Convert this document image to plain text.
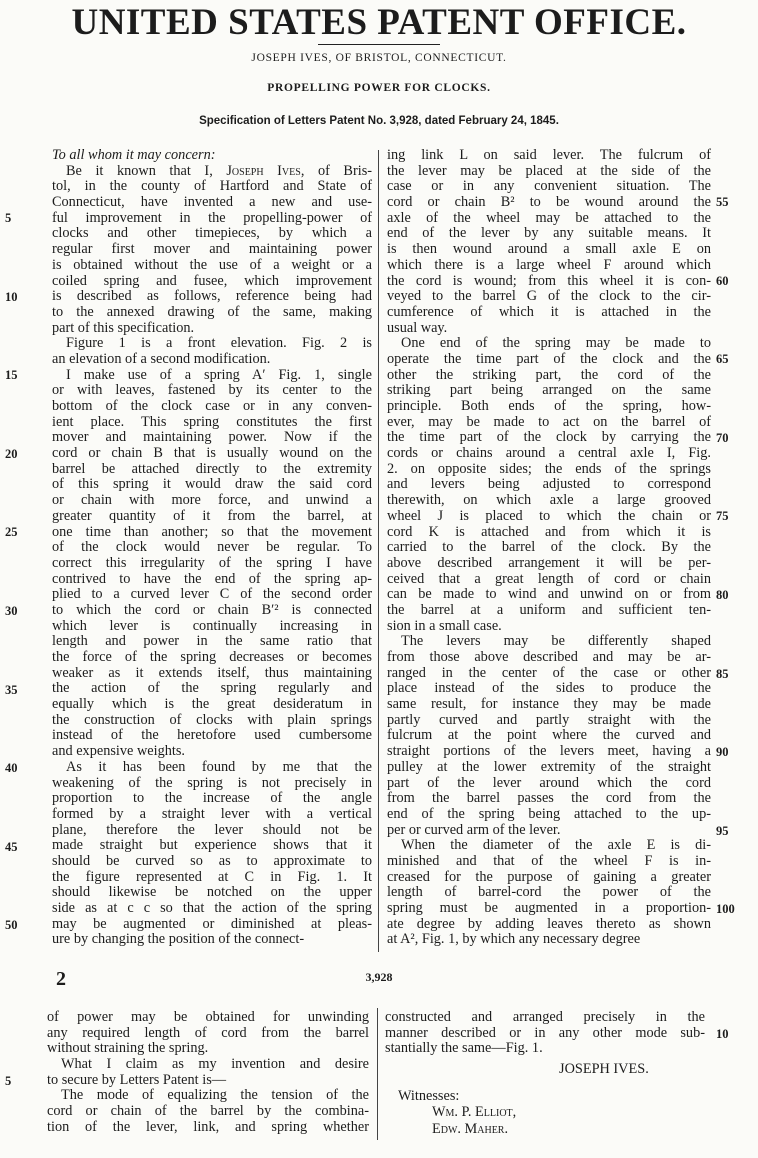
UNITED STATES PATENT OFFICE.
JOSEPH IVES, OF BRISTOL, CONNECTICUT.
PROPELLING POWER FOR CLOCKS.
Specification of Letters Patent No. 3,928, dated February 24, 1845.
To all whom it may concern:
Be it known that I, Joseph Ives, of Bris-
tol, in the county of Hartford and State of
Connecticut, have invented a new and use-
ful improvement in the propelling-power of
clocks and other timepieces, by which a
regular first mover and maintaining power
is obtained without the use of a weight or a
coiled spring and fusee, which improvement
is described as follows, reference being had
to the annexed drawing of the same, making
part of this specification.
Figure 1 is a front elevation. Fig. 2 is
an elevation of a second modification.
I make use of a spring A′ Fig. 1, single
or with leaves, fastened by its center to the
bottom of the clock case or in any conven-
ient place. This spring constitutes the first
mover and maintaining power. Now if the
cord or chain B that is usually wound on the
barrel be attached directly to the extremity
of this spring it would draw the said cord
or chain with more force, and unwind a
greater quantity of it from the barrel, at
one time than another; so that the movement
of the clock would never be regular. To
correct this irregularity of the spring I have
contrived to have the end of the spring ap-
plied to a curved lever C of the second order
to which the cord or chain B′² is connected
which lever is continually increasing in
length and power in the same ratio that
the force of the spring decreases or becomes
weaker as it extends itself, thus maintaining
the action of the spring regularly and
equally which is the great desideratum in
the construction of clocks with plain springs
instead of the heretofore used cumbersome
and expensive weights.
As it has been found by me that the
weakening of the spring is not precisely in
proportion to the increase of the angle
formed by a straight lever with a vertical
plane, therefore the lever should not be
made straight but experience shows that it
should be curved so as to approximate to
the figure represented at C in Fig. 1. It
should likewise be notched on the upper
side as at c c so that the action of the spring
may be augmented or diminished at pleas-
ure by changing the position of the connect-
ing link L on said lever. The fulcrum of
the lever may be placed at the side of the
case or in any convenient situation. The
cord or chain B² to be wound around the
axle of the wheel may be attached to the
end of the lever by any suitable means. It
is then wound around a small axle E on
which there is a large wheel F around which
the cord is wound; from this wheel it is con-
veyed to the barrel G of the clock to the cir-
cumference of which it is attached in the
usual way.
One end of the spring may be made to
operate the time part of the clock and the
other the striking part, the cord of the
striking part being arranged on the same
principle. Both ends of the spring, how-
ever, may be made to act on the barrel of
the time part of the clock by carrying the
cords or chains around a central axle I, Fig.
2. on opposite sides; the ends of the springs
and levers being adjusted to correspond
therewith, on which axle a large grooved
wheel J is placed to which the chain or
cord K is attached and from which it is
carried to the barrel of the clock. By the
above described arrangement it will be per-
ceived that a great length of cord or chain
can be made to wind and unwind on or from
the barrel at a uniform and sufficient ten-
sion in a small case.
The levers may be differently shaped
from those above described and may be ar-
ranged in the center of the case or other
place instead of the sides to produce the
same result, for instance they may be made
partly curved and partly straight with the
fulcrum at the point where the curved and
straight portions of the levers meet, having a
pulley at the lower extremity of the straight
part of the lever around which the cord
from the barrel passes the cord from the
end of the spring being attached to the up-
per or curved arm of the lever.
When the diameter of the axle E is di-
minished and that of the wheel F is in-
creased for the purpose of gaining a greater
length of barrel-cord the power of the
spring must be augmented in a proportion-
ate degree by adding leaves thereto as shown
at A², Fig. 1, by which any necessary degree
5
10
15
20
25
30
35
40
45
50
55
60
65
70
75
80
85
90
95
100
2	3,928
of power may be obtained for unwinding
any required length of cord from the barrel
without straining the spring.
What I claim as my invention and desire
to secure by Letters Patent is—
The mode of equalizing the tension of the
cord or chain of the barrel by the combina-
tion of the lever, link, and spring whether
constructed and arranged precisely in the
manner described or in any other mode sub-
stantially the same—Fig. 1.
5
10
JOSEPH IVES.
Witnesses:
Wm. P. Elliot,
Edw. Maher.
